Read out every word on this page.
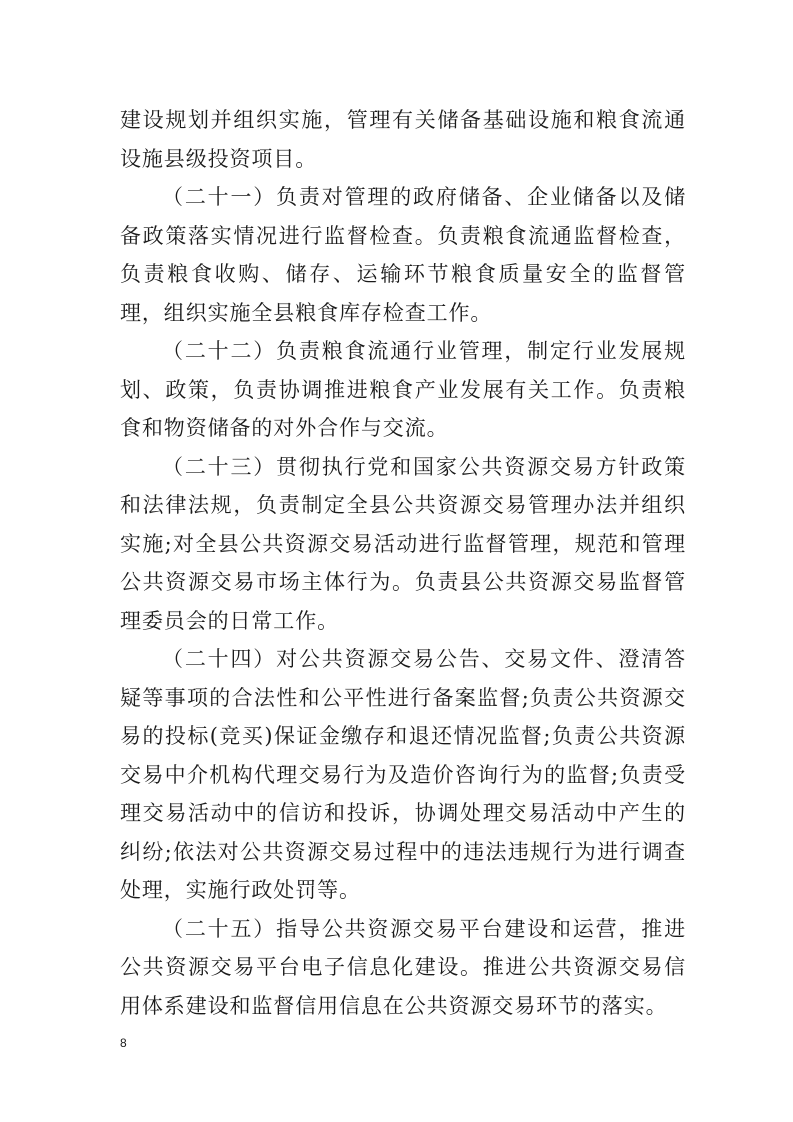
建设规划并组织实施，管理有关储备基础设施和粮食流通设施县级投资项目。

（二十一）负责对管理的政府储备、企业储备以及储备政策落实情况进行监督检查。负责粮食流通监督检查，负责粮食收购、储存、运输环节粮食质量安全的监督管理，组织实施全县粮食库存检查工作。

（二十二）负责粮食流通行业管理，制定行业发展规划、政策，负责协调推进粮食产业发展有关工作。负责粮食和物资储备的对外合作与交流。

（二十三）贯彻执行党和国家公共资源交易方针政策和法律法规，负责制定全县公共资源交易管理办法并组织实施;对全县公共资源交易活动进行监督管理，规范和管理公共资源交易市场主体行为。负责县公共资源交易监督管理委员会的日常工作。

（二十四）对公共资源交易公告、交易文件、澄清答疑等事项的合法性和公平性进行备案监督;负责公共资源交易的投标(竞买)保证金缴存和退还情况监督;负责公共资源交易中介机构代理交易行为及造价咨询行为的监督;负责受理交易活动中的信访和投诉，协调处理交易活动中产生的纠纷;依法对公共资源交易过程中的违法违规行为进行调查处理，实施行政处罚等。

（二十五）指导公共资源交易平台建设和运营，推进公共资源交易平台电子信息化建设。推进公共资源交易信用体系建设和监督信用信息在公共资源交易环节的落实。

8
